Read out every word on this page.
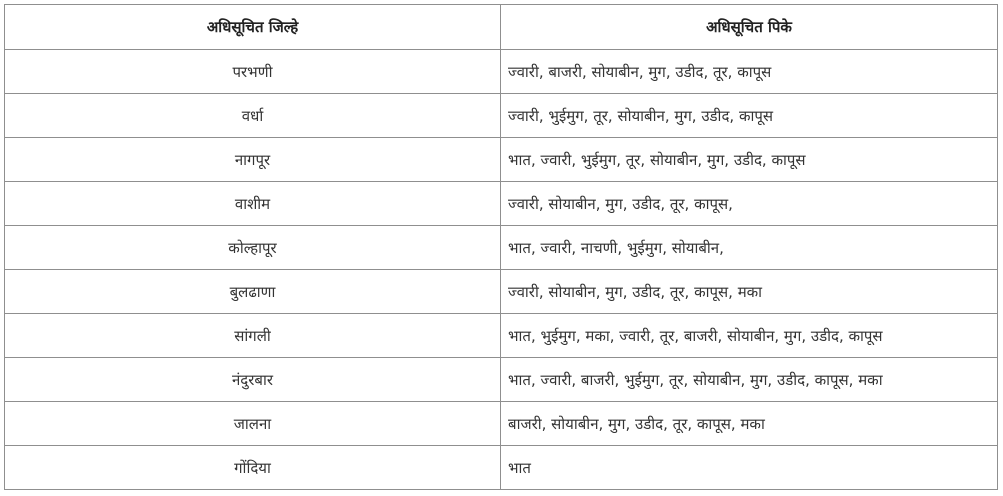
अधिसूचित जिल्हे	अधिसूचित पिके
परभणी	ज्वारी, बाजरी, सोयाबीन, मुग, उडीद, तूर, कापूस
वर्धा	ज्वारी, भुईमुग, तूर, सोयाबीन, मुग, उडीद, कापूस
नागपूर	भात, ज्वारी, भुईमुग, तूर, सोयाबीन, मुग, उडीद, कापूस
वाशीम	ज्वारी, सोयाबीन, मुग, उडीद, तूर, कापूस,
कोल्हापूर	भात, ज्वारी, नाचणी, भुईमुग, सोयाबीन,
बुलढाणा	ज्वारी, सोयाबीन, मुग, उडीद, तूर, कापूस, मका
सांगली	भात, भुईमुग, मका, ज्वारी, तूर, बाजरी, सोयाबीन, मुग, उडीद, कापूस
नंदुरबार	भात, ज्वारी, बाजरी, भुईमुग, तूर, सोयाबीन, मुग, उडीद, कापूस, मका
जालना	बाजरी, सोयाबीन, मुग, उडीद, तूर, कापूस, मका
गोंदिया	भात
